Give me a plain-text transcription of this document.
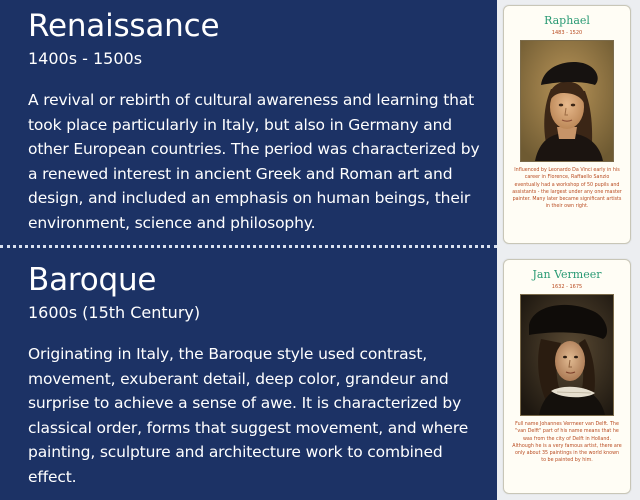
Renaissance
1400s - 1500s
A revival or rebirth of cultural awareness and learning that took place particularly in Italy, but also in Germany and other European countries. The period was characterized by a renewed interest in ancient Greek and Roman art and design, and included an emphasis on human beings, their environment, science and philosophy.
Baroque
1600s (15th Century)
Originating in Italy, the Baroque style used contrast, movement, exuberant detail, deep color, grandeur and surprise to achieve a sense of awe. It is characterized by classical order, forms that suggest movement, and where painting, sculpture and architecture work to combined effect.
Raphael
1483 - 1520
Influenced by Leonardo Da Vinci early in his career in Florence, Raffaello Sanzio eventually had a workshop of 50 pupils and assistants - the largest under any one master painter. Many later became significant artists in their own right.
Jan Vermeer
1632 - 1675
Full name Johannes Vermeer van Delft. The "van Delft" part of his name means that he was from the city of Delft in Holland. Although he is a very famous artist, there are only about 35 paintings in the world known to be painted by him.
